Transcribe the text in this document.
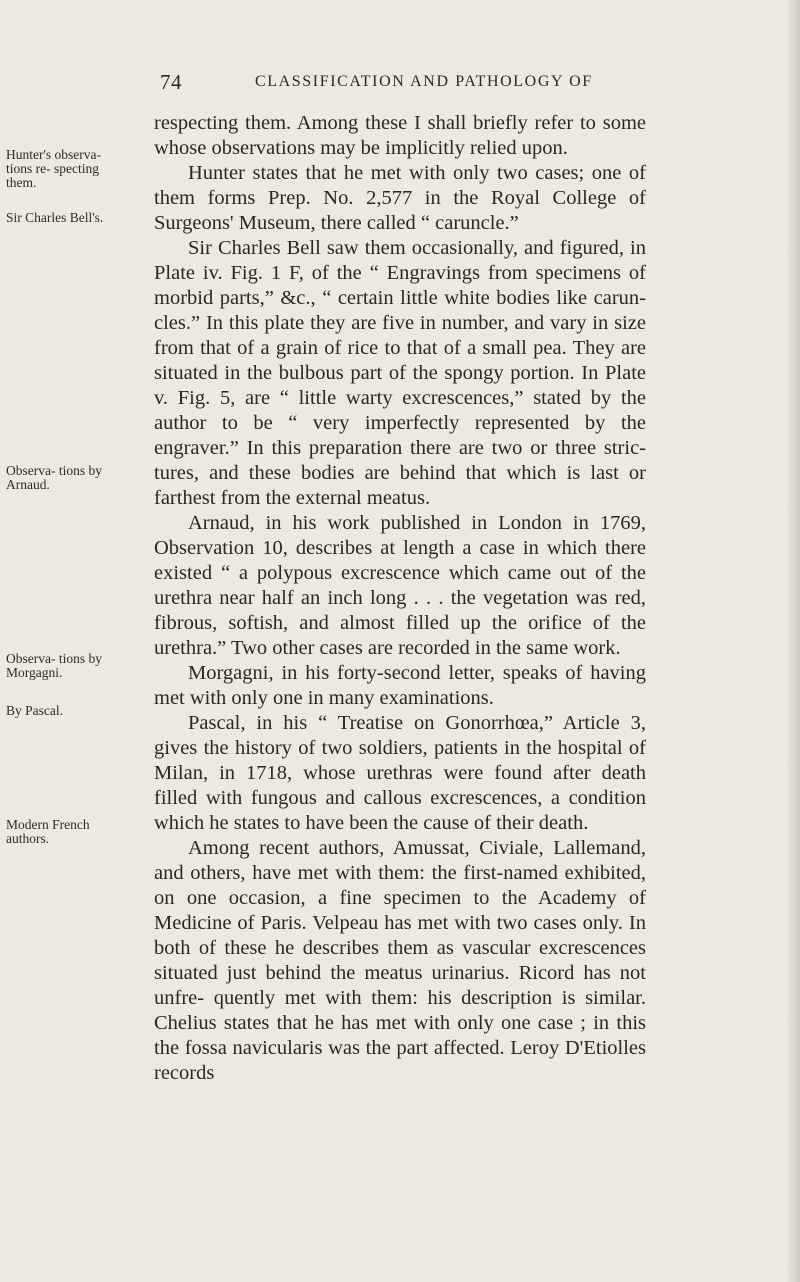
74	CLASSIFICATION AND PATHOLOGY OF
Hunter's observa- tions re- specting them.
Sir Charles Bell's.
Observa- tions by Arnaud.
Observa- tions by Morgagni.
By Pascal.
Modern French authors.

respecting them. Among these I shall briefly refer to some whose observations may be implicitly relied upon.

Hunter states that he met with only two cases; one of them forms Prep. No. 2,577 in the Royal College of Surgeons' Museum, there called “ caruncle.”

Sir Charles Bell saw them occasionally, and figured, in Plate iv. Fig. 1 F, of the “ Engravings from specimens of morbid parts,” &c., “ certain little white bodies like carun- cles.” In this plate they are five in number, and vary in size from that of a grain of rice to that of a small pea. They are situated in the bulbous part of the spongy portion. In Plate v. Fig. 5, are “ little warty excrescences,” stated by the author to be “ very imperfectly represented by the engraver.” In this preparation there are two or three stric- tures, and these bodies are behind that which is last or farthest from the external meatus.

Arnaud, in his work published in London in 1769, Observation 10, describes at length a case in which there existed “ a polypous excrescence which came out of the urethra near half an inch long . . . the vegetation was red, fibrous, softish, and almost filled up the orifice of the urethra.” Two other cases are recorded in the same work.

Morgagni, in his forty-second letter, speaks of having met with only one in many examinations.

Pascal, in his “ Treatise on Gonorrhœa,” Article 3, gives the history of two soldiers, patients in the hospital of Milan, in 1718, whose urethras were found after death filled with fungous and callous excrescences, a condition which he states to have been the cause of their death.

Among recent authors, Amussat, Civiale, Lallemand, and others, have met with them: the first-named exhibited, on one occasion, a fine specimen to the Academy of Medicine of Paris. Velpeau has met with two cases only. In both of these he describes them as vascular excrescences situated just behind the meatus urinarius. Ricord has not unfre- quently met with them: his description is similar. Chelius states that he has met with only one case ; in this the fossa navicularis was the part affected. Leroy D'Etiolles records
